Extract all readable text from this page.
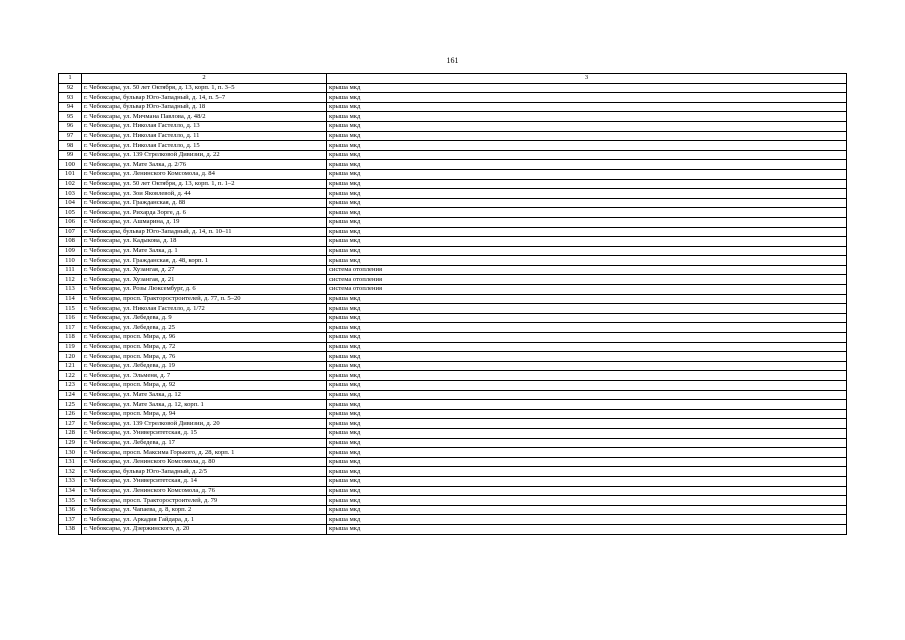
161
1	2	3
92	г. Чебоксары, ул. 50 лет Октября, д. 13, корп. 1, п. 3–5	крыша мкд
93	г. Чебоксары, бульвар Юго-Западный, д. 14, п. 5–7	крыша мкд
94	г. Чебоксары, бульвар Юго-Западный, д. 18	крыша мкд
95	г. Чебоксары, ул. Мичмана Павлова, д. 48/2	крыша мкд
96	г. Чебоксары, ул. Николая Гастелло, д. 13	крыша мкд
97	г. Чебоксары, ул. Николая Гастелло, д. 11	крыша мкд
98	г. Чебоксары, ул. Николая Гастелло, д. 15	крыша мкд
99	г. Чебоксары, ул. 139 Стрелковой Дивизии, д. 22	крыша мкд
100	г. Чебоксары, ул. Мате Залка, д. 2/76	крыша мкд
101	г. Чебоксары, ул. Ленинского Комсомола, д. 84	крыша мкд
102	г. Чебоксары, ул. 50 лет Октября, д. 13, корп. 1, п. 1–2	крыша мкд
103	г. Чебоксары, ул. Зои Яковлевой, д. 44	крыша мкд
104	г. Чебоксары, ул. Гражданская, д. 88	крыша мкд
105	г. Чебоксары, ул. Рихарда Зорге, д. 6	крыша мкд
106	г. Чебоксары, ул. Ашмарина, д. 19	крыша мкд
107	г. Чебоксары, бульвар Юго-Западный, д. 14, п. 10–11	крыша мкд
108	г. Чебоксары, ул. Кадыкова, д. 18	крыша мкд
109	г. Чебоксары, ул. Мате Залка, д. 1	крыша мкд
110	г. Чебоксары, ул. Гражданская, д. 48, корп. 1	крыша мкд
111	г. Чебоксары, ул. Хузангая, д. 27	система отопления
112	г. Чебоксары, ул. Хузангая, д. 21	система отопления
113	г. Чебоксары, ул. Розы Люксембург, д. 6	система отопления
114	г. Чебоксары, просп. Тракторостроителей, д. 77, п. 5–20	крыша мкд
115	г. Чебоксары, ул. Николая Гастелло, д. 1/72	крыша мкд
116	г. Чебоксары, ул. Лебедева, д. 9	крыша мкд
117	г. Чебоксары, ул. Лебедева, д. 25	крыша мкд
118	г. Чебоксары, просп. Мира, д. 96	крыша мкд
119	г. Чебоксары, просп. Мира, д. 72	крыша мкд
120	г. Чебоксары, просп. Мира, д. 76	крыша мкд
121	г. Чебоксары, ул. Лебедева, д. 19	крыша мкд
122	г. Чебоксары, ул. Эльменя, д. 7	крыша мкд
123	г. Чебоксары, просп. Мира, д. 92	крыша мкд
124	г. Чебоксары, ул. Мате Залка, д. 12	крыша мкд
125	г. Чебоксары, ул. Мате Залка, д. 12, корп. 1	крыша мкд
126	г. Чебоксары, просп. Мира, д. 94	крыша мкд
127	г. Чебоксары, ул. 139 Стрелковой Дивизии, д. 20	крыша мкд
128	г. Чебоксары, ул. Университетская, д. 15	крыша мкд
129	г. Чебоксары, ул. Лебедева, д. 17	крыша мкд
130	г. Чебоксары, просп. Максима Горького, д. 28, корп. 1	крыша мкд
131	г. Чебоксары, ул. Ленинского Комсомола, д. 80	крыша мкд
132	г. Чебоксары, бульвар Юго-Западный, д. 2/5	крыша мкд
133	г. Чебоксары, ул. Университетская, д. 14	крыша мкд
134	г. Чебоксары, ул. Ленинского Комсомола, д. 76	крыша мкд
135	г. Чебоксары, просп. Тракторостроителей, д. 79	крыша мкд
136	г. Чебоксары, ул. Чапаева, д. 8, корп. 2	крыша мкд
137	г. Чебоксары, ул. Аркадия Гайдара, д. 1	крыша мкд
138	г. Чебоксары, ул. Дзержинского, д. 20	крыша мкд
